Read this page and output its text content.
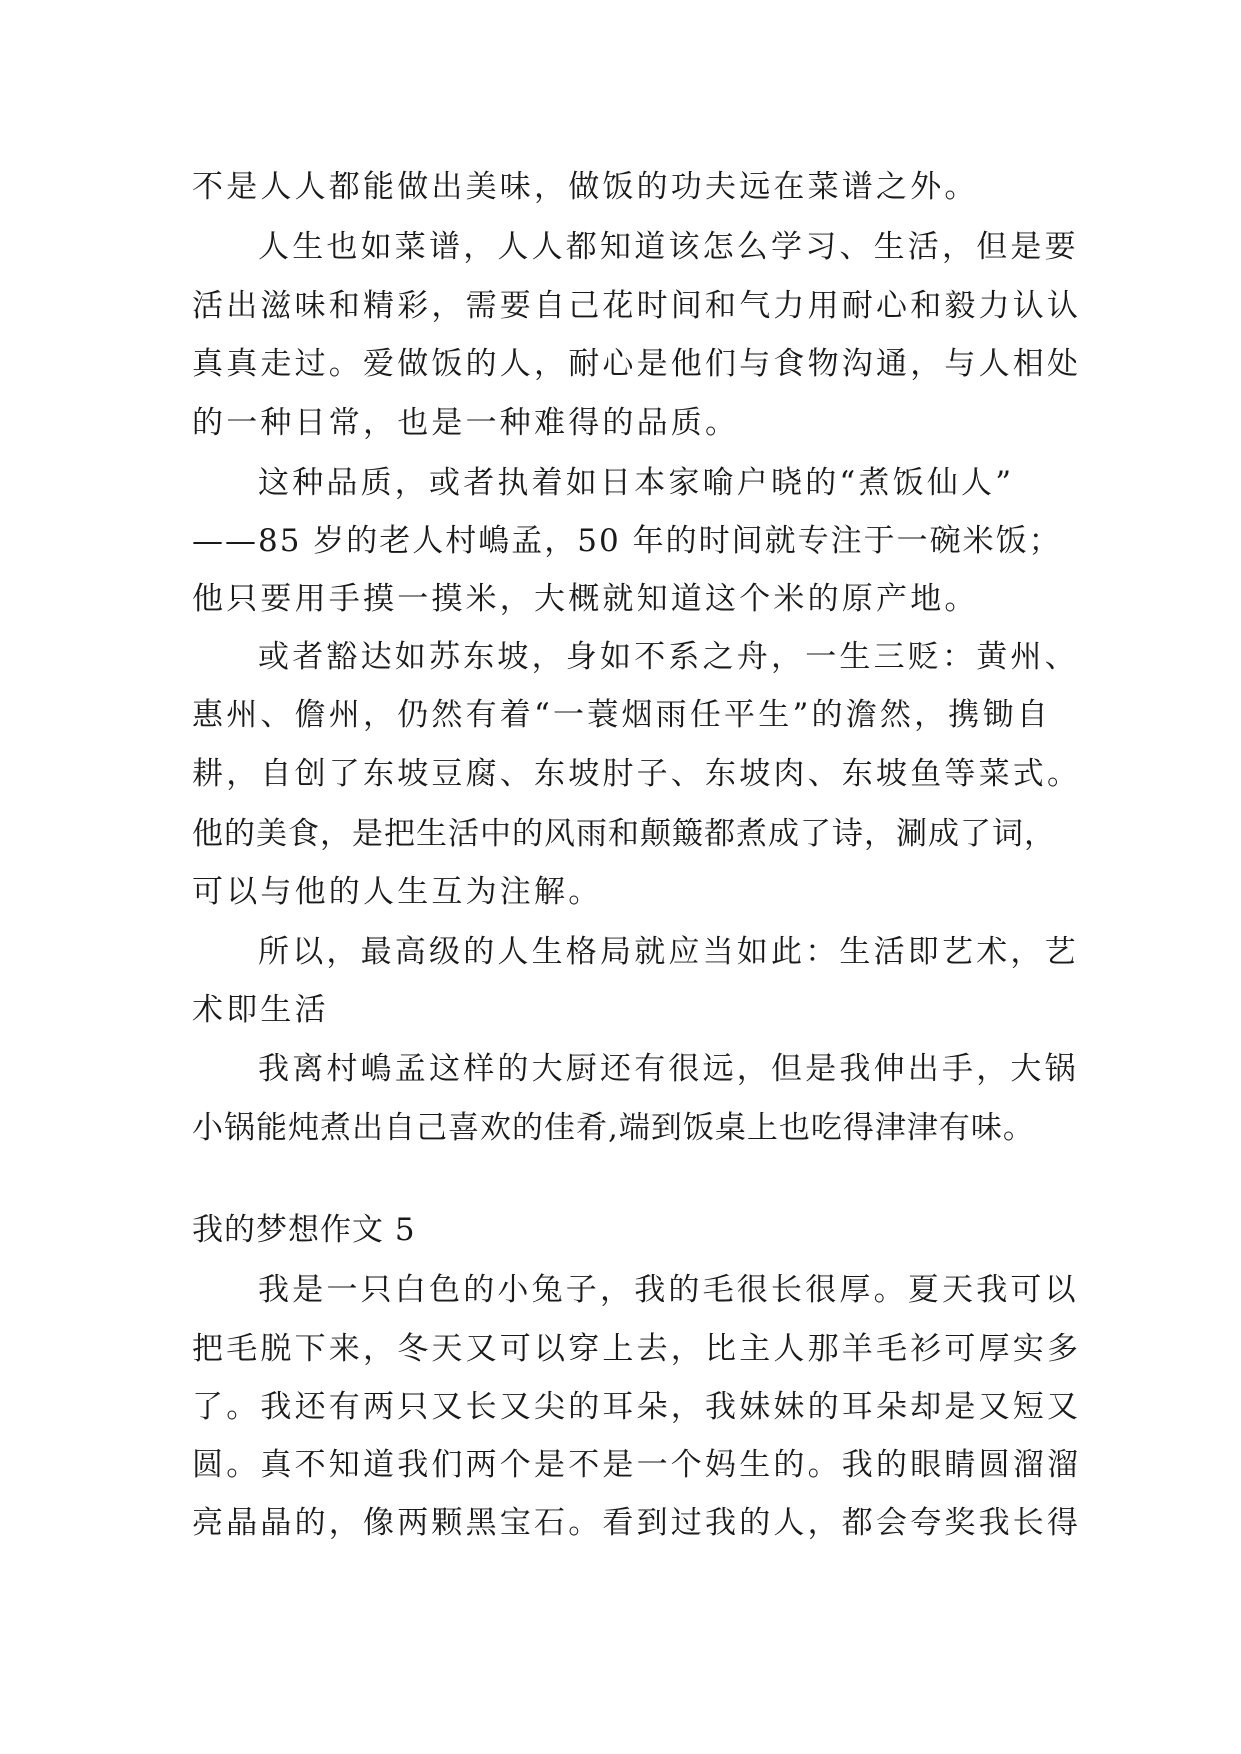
不是人人都能做出美味，做饭的功夫远在菜谱之外。
人生也如菜谱，人人都知道该怎么学习、生活，但是要
活出滋味和精彩，需要自己花时间和气力用耐心和毅力认认
真真走过。爱做饭的人，耐心是他们与食物沟通，与人相处
的一种日常，也是一种难得的品质。
这种品质，或者执着如日本家喻户晓的“煮饭仙人”
——85 岁的老人村嶋孟，50 年的时间就专注于一碗米饭；
他只要用手摸一摸米，大概就知道这个米的原产地。
或者豁达如苏东坡，身如不系之舟，一生三贬：黄州、
惠州、儋州，仍然有着“一蓑烟雨任平生”的澹然，携锄自
耕，自创了东坡豆腐、东坡肘子、东坡肉、东坡鱼等菜式。
他的美食，是把生活中的风雨和颠簸都煮成了诗，涮成了词，
可以与他的人生互为注解。
所以，最高级的人生格局就应当如此：生活即艺术，艺
术即生活
我离村嶋孟这样的大厨还有很远，但是我伸出手，大锅
小锅能炖煮出自己喜欢的佳肴,端到饭桌上也吃得津津有味。
我的梦想作文 5
我是一只白色的小兔子，我的毛很长很厚。夏天我可以
把毛脱下来，冬天又可以穿上去，比主人那羊毛衫可厚实多
了。我还有两只又长又尖的耳朵，我妹妹的耳朵却是又短又
圆。真不知道我们两个是不是一个妈生的。我的眼睛圆溜溜
亮晶晶的，像两颗黑宝石。看到过我的人，都会夸奖我长得
